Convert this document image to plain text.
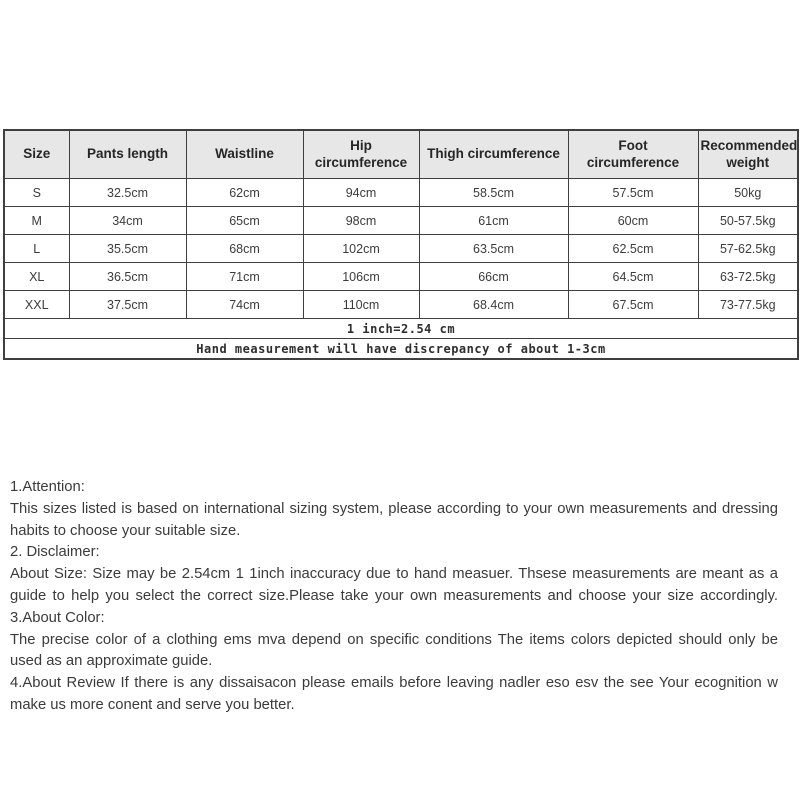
Size	Pants length	Waistline	Hip circumference	Thigh circumference	Foot circumference	Recommended weight
S	32.5cm	62cm	94cm	58.5cm	57.5cm	50kg
M	34cm	65cm	98cm	61cm	60cm	50-57.5kg
L	35.5cm	68cm	102cm	63.5cm	62.5cm	57-62.5kg
XL	36.5cm	71cm	106cm	66cm	64.5cm	63-72.5kg
XXL	37.5cm	74cm	110cm	68.4cm	67.5cm	73-77.5kg
1 inch=2.54 cm						
Hand measurement will have discrepancy of about 1-3cm						
1.Attention:
This sizes listed is based on international sizing system, please according to your own measurements and dressing
habits to choose your suitable size.
2. Disclaimer:
About Size: Size may be 2.54cm 1 1inch inaccuracy due to hand measuer. Thsese measurements are meant as a
guide to help you select the correct size.Please take your own measurements and choose your size accordingly.
3.About Color:
The precise color of a clothing ems mva depend on specific conditions The items colors depicted should only be
used as an approximate guide.
4.About Review If there is any dissaisacon please emails before leaving nadler eso esv the see Your ecognition w
make us more conent and serve you better.
